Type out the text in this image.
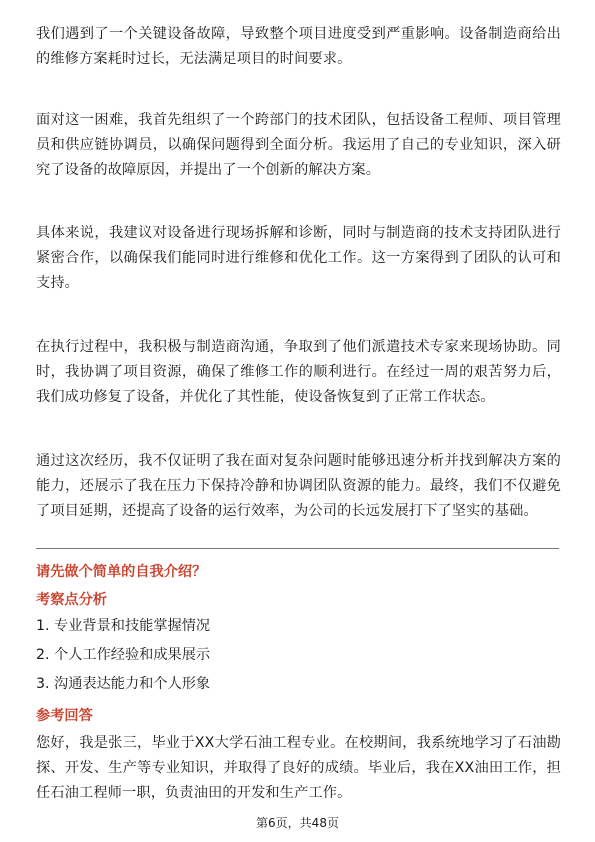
我们遇到了一个关键设备故障，导致整个项目进度受到严重影响。设备制造商给出的维修方案耗时过长，无法满足项目的时间要求。

面对这一困难，我首先组织了一个跨部门的技术团队，包括设备工程师、项目管理员和供应链协调员，以确保问题得到全面分析。我运用了自己的专业知识，深入研究了设备的故障原因，并提出了一个创新的解决方案。

具体来说，我建议对设备进行现场拆解和诊断，同时与制造商的技术支持团队进行紧密合作，以确保我们能同时进行维修和优化工作。这一方案得到了团队的认可和支持。

在执行过程中，我积极与制造商沟通，争取到了他们派遣技术专家来现场协助。同时，我协调了项目资源，确保了维修工作的顺利进行。在经过一周的艰苦努力后，我们成功修复了设备，并优化了其性能，使设备恢复到了正常工作状态。

通过这次经历，我不仅证明了我在面对复杂问题时能够迅速分析并找到解决方案的能力，还展示了我在压力下保持冷静和协调团队资源的能力。最终，我们不仅避免了项目延期，还提高了设备的运行效率，为公司的长远发展打下了坚实的基础。

请先做个简单的自我介绍？

考察点分析

1. 专业背景和技能掌握情况

2. 个人工作经验和成果展示

3. 沟通表达能力和个人形象

参考回答

您好，我是张三，毕业于XX大学石油工程专业。在校期间，我系统地学习了石油勘探、开发、生产等专业知识，并取得了良好的成绩。毕业后，我在XX油田工作，担任石油工程师一职，负责油田的开发和生产工作。

第6页，共48页
